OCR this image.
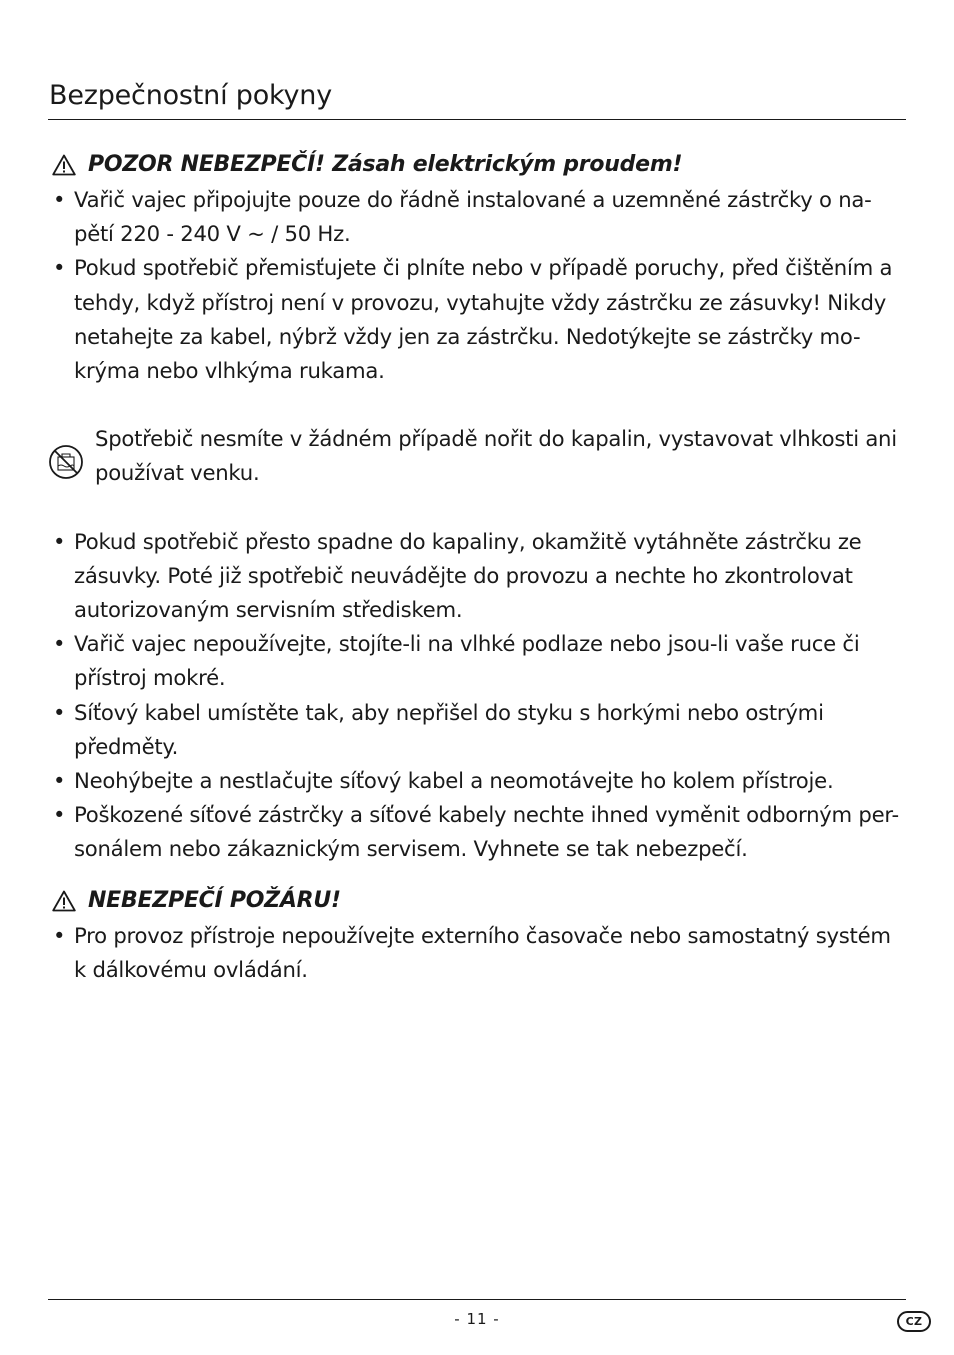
Bezpečnostní pokyny
POZOR NEBEZPEČÍ! Zásah elektrickým proudem!
• Vařič vajec připojujte pouze do řádně instalované a uzemněné zástrčky o na-pětí 220 - 240 V ~ / 50 Hz.
• Pokud spotřebič přemisťujete či plníte nebo v případě poruchy, před čištěním a tehdy, když přístroj není v provozu, vytahujte vždy zástrčku ze zásuvky! Nikdy netahejte za kabel, nýbrž vždy jen za zástrčku. Nedotýkejte se zástrčky mo-krýma nebo vlhkýma rukama.
Spotřebič nesmíte v žádném případě nořit do kapalin, vystavovat vlhkosti ani používat venku.
• Pokud spotřebič přesto spadne do kapaliny, okamžitě vytáhněte zástrčku ze zásuvky. Poté již spotřebič neuvádějte do provozu a nechte ho zkontrolovat autorizovaným servisním střediskem.
• Vařič vajec nepoužívejte, stojíte-li na vlhké podlaze nebo jsou-li vaše ruce či přístroj mokré.
• Síťový kabel umístěte tak, aby nepřišel do styku s horkými nebo ostrými předměty.
• Neohýbejte a nestlačujte síťový kabel a neomotávejte ho kolem přístroje.
• Poškozené síťové zástrčky a síťové kabely nechte ihned vyměnit odborným per-sonálem nebo zákaznickým servisem. Vyhnete se tak nebezpečí.
NEBEZPEČÍ POŽÁRU!
• Pro provoz přístroje nepoužívejte externího časovače nebo samostatný systém k dálkovému ovládání.
- 11 -	CZ
